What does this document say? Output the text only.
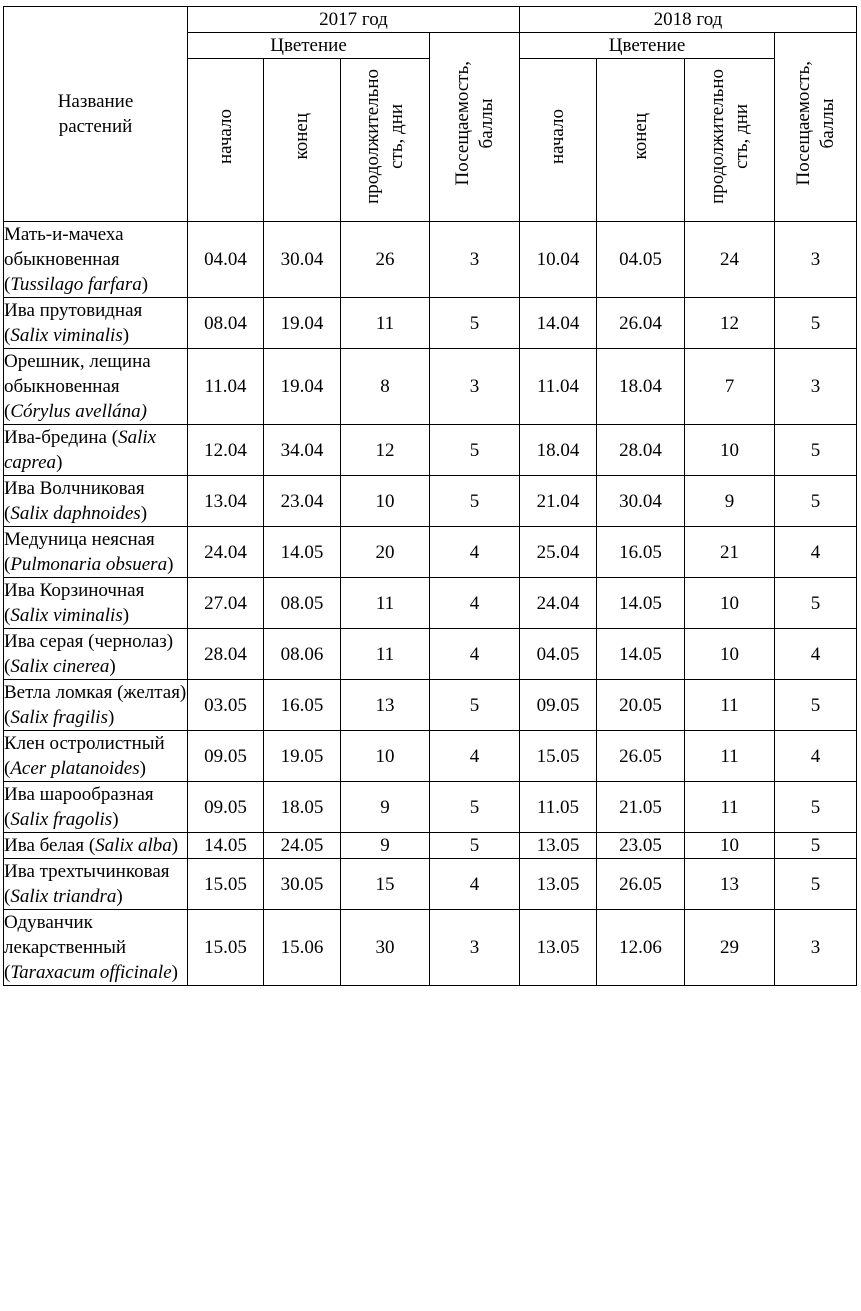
Название
растений	2017 год				2018 год			
	Цветение			Посещаемость, баллы	Цветение			Посещаемость, баллы

	начало	конец	продолжительно сть, дни		начало	конец	продолжительно сть, дни	

Мать-и-мачеха обыкновенная (Tussilago farfara)	04.04	30.04	26	3	10.04	04.05	24	3
Ива прутовидная (Salix viminalis)	08.04	19.04	11	5	14.04	26.04	12	5
Орешник, лещина обыкновенная (Córylus avellána)	11.04	19.04	8	3	11.04	18.04	7	3
Ива-бредина (Salix caprea)	12.04	34.04	12	5	18.04	28.04	10	5
Ива Волчниковая (Salix daphnoides)	13.04	23.04	10	5	21.04	30.04	9	5
Медуница неясная (Pulmonaria obsuera)	24.04	14.05	20	4	25.04	16.05	21	4
Ива Корзиночная (Salix viminalis)	27.04	08.05	11	4	24.04	14.05	10	5
Ива серая (чернолаз) (Salix cinerea)	28.04	08.06	11	4	04.05	14.05	10	4
Ветла ломкая (желтая) (Salix fragilis)	03.05	16.05	13	5	09.05	20.05	11	5
Клен остролистный (Acer platanoides)	09.05	19.05	10	4	15.05	26.05	11	4
Ива шарообразная (Salix fragolis)	09.05	18.05	9	5	11.05	21.05	11	5
Ива белая (Salix alba)	14.05	24.05	9	5	13.05	23.05	10	5
Ива трехтычинковая (Salix triandra)	15.05	30.05	15	4	13.05	26.05	13	5
Одуванчик лекарственный (Taraxacum officinale)	15.05	15.06	30	3	13.05	12.06	29	3
